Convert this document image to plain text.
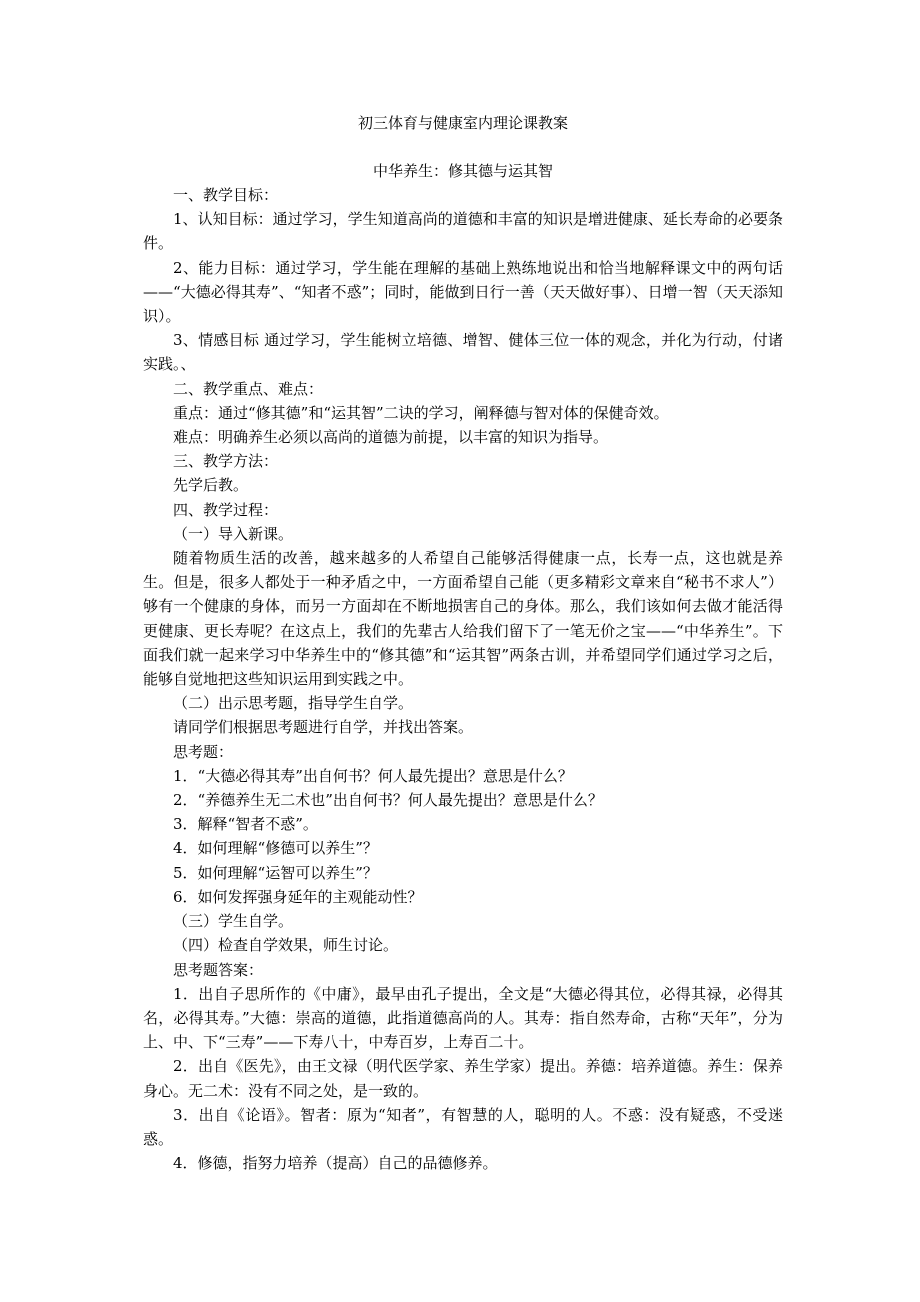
初三体育与健康室内理论课教案
中华养生：修其德与运其智

一、教学目标：

1、认知目标：通过学习，学生知道高尚的道德和丰富的知识是增进健康、延长寿命的必要条件。

2、能力目标：通过学习，学生能在理解的基础上熟练地说出和恰当地解释课文中的两句话——“大德必得其寿”、“知者不惑”；同时，能做到日行一善（天天做好事）、日增一智（天天添知识）。

3、情感目标 通过学习，学生能树立培德、增智、健体三位一体的观念，并化为行动，付诸实践。、

二、教学重点、难点：

重点：通过“修其德”和“运其智”二诀的学习，阐释德与智对体的保健奇效。

难点：明确养生必须以高尚的道德为前提，以丰富的知识为指导。

三、教学方法：

先学后教。

四、教学过程：

（一）导入新课。

随着物质生活的改善，越来越多的人希望自己能够活得健康一点，长寿一点，这也就是养生。但是，很多人都处于一种矛盾之中，一方面希望自己能（更多精彩文章来自“秘书不求人”）够有一个健康的身体，而另一方面却在不断地损害自己的身体。那么，我们该如何去做才能活得更健康、更长寿呢？在这点上，我们的先辈古人给我们留下了一笔无价之宝——“中华养生”。下面我们就一起来学习中华养生中的“修其德”和“运其智”两条古训，并希望同学们通过学习之后，能够自觉地把这些知识运用到实践之中。

（二）出示思考题，指导学生自学。

请同学们根据思考题进行自学，并找出答案。

思考题：

1．“大德必得其寿”出自何书？何人最先提出？意思是什么？

2．“养德养生无二术也”出自何书？何人最先提出？意思是什么？

3．解释“智者不惑”。

4．如何理解“修德可以养生”？

5．如何理解“运智可以养生”？

6．如何发挥强身延年的主观能动性？

（三）学生自学。

（四）检查自学效果，师生讨论。

思考题答案：

1．出自子思所作的《中庸》，最早由孔子提出，全文是“大德必得其位，必得其禄，必得其名，必得其寿。”大德：崇高的道德，此指道德高尚的人。其寿：指自然寿命，古称“天年”，分为上、中、下“三寿”——下寿八十，中寿百岁，上寿百二十。

2．出自《医先》，由王文禄（明代医学家、养生学家）提出。养德：培养道德。养生：保养身心。无二术：没有不同之处，是一致的。

3．出自《论语》。智者：原为“知者”，有智慧的人，聪明的人。不惑：没有疑惑，不受迷惑。

4．修德，指努力培养（提高）自己的品德修养。
